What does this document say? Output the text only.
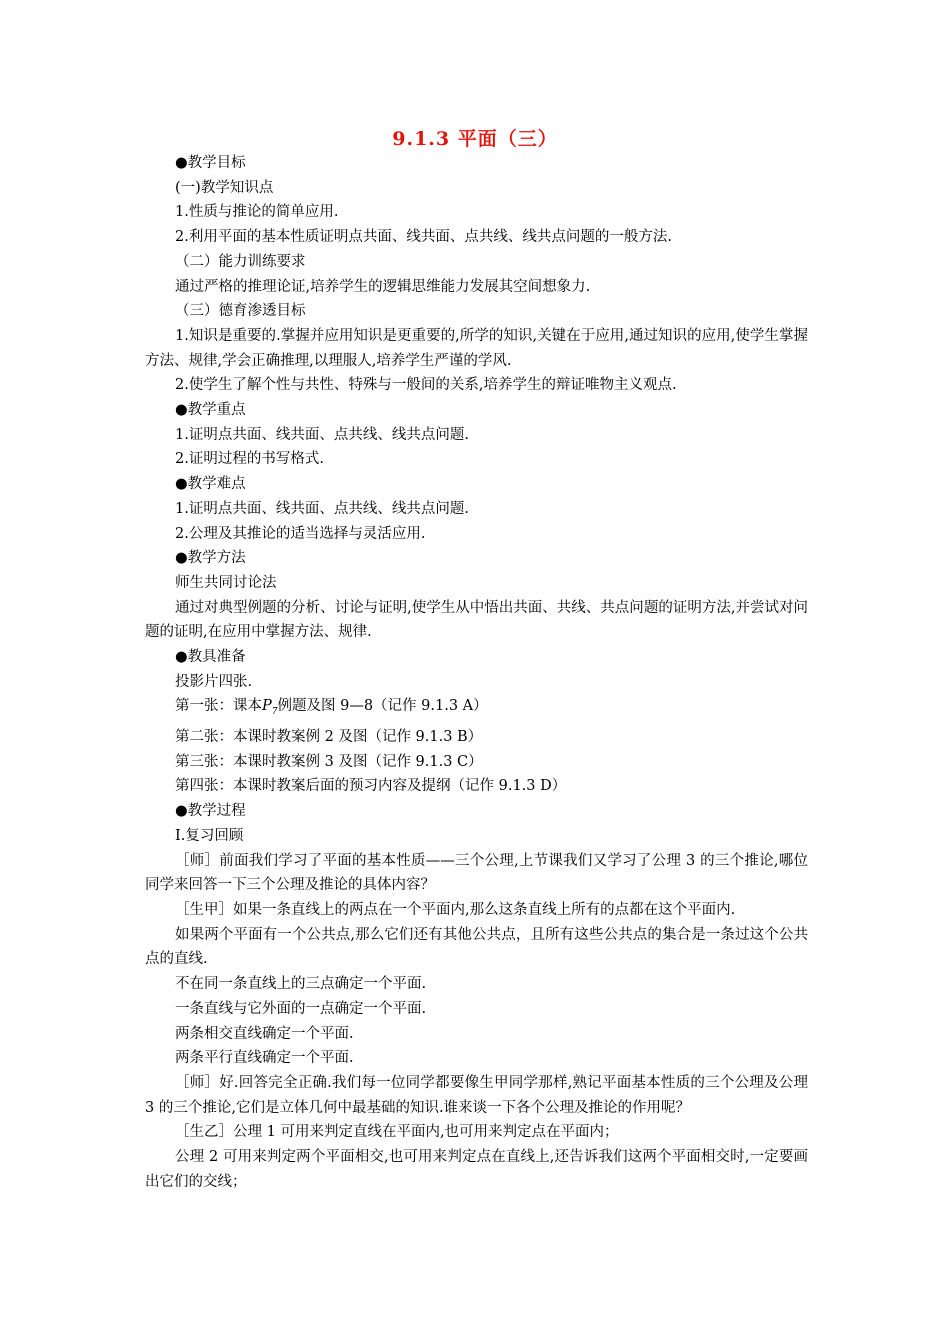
9.1.3 平面（三）
●教学目标
(一)教学知识点
1.性质与推论的简单应用.
2.利用平面的基本性质证明点共面、线共面、点共线、线共点问题的一般方法.
（二）能力训练要求
通过严格的推理论证,培养学生的逻辑思维能力发展其空间想象力.
（三）德育渗透目标
1.知识是重要的.掌握并应用知识是更重要的,所学的知识,关键在于应用,通过知识的应用,使学生掌握方法、规律,学会正确推理,以理服人,培养学生严谨的学风.
2.使学生了解个性与共性、特殊与一般间的关系,培养学生的辩证唯物主义观点.
●教学重点
1.证明点共面、线共面、点共线、线共点问题.
2.证明过程的书写格式.
●教学难点
1.证明点共面、线共面、点共线、线共点问题.
2.公理及其推论的适当选择与灵活应用.
●教学方法
师生共同讨论法
通过对典型例题的分析、讨论与证明,使学生从中悟出共面、共线、共点问题的证明方法,并尝试对问题的证明,在应用中掌握方法、规律.
●教具准备
投影片四张.
第一张：课本$P_7$例题及图 9—8（记作 9.1.3 A）
第二张：本课时教案例 2 及图（记作 9.1.3 B）
第三张：本课时教案例 3 及图（记作 9.1.3 C）
第四张：本课时教案后面的预习内容及提纲（记作 9.1.3 D）
●教学过程
Ⅰ.复习回顾
［师］前面我们学习了平面的基本性质——三个公理,上节课我们又学习了公理 3 的三个推论,哪位同学来回答一下三个公理及推论的具体内容？
［生甲］如果一条直线上的两点在一个平面内,那么这条直线上所有的点都在这个平面内.
如果两个平面有一个公共点,那么它们还有其他公共点，且所有这些公共点的集合是一条过这个公共点的直线.
不在同一条直线上的三点确定一个平面.
一条直线与它外面的一点确定一个平面.
两条相交直线确定一个平面.
两条平行直线确定一个平面.
［师］好.回答完全正确.我们每一位同学都要像生甲同学那样,熟记平面基本性质的三个公理及公理 3 的三个推论,它们是立体几何中最基础的知识.谁来谈一下各个公理及推论的作用呢？
［生乙］公理 1 可用来判定直线在平面内,也可用来判定点在平面内；
公理 2 可用来判定两个平面相交,也可用来判定点在直线上,还告诉我们这两个平面相交时,一定要画出它们的交线；
